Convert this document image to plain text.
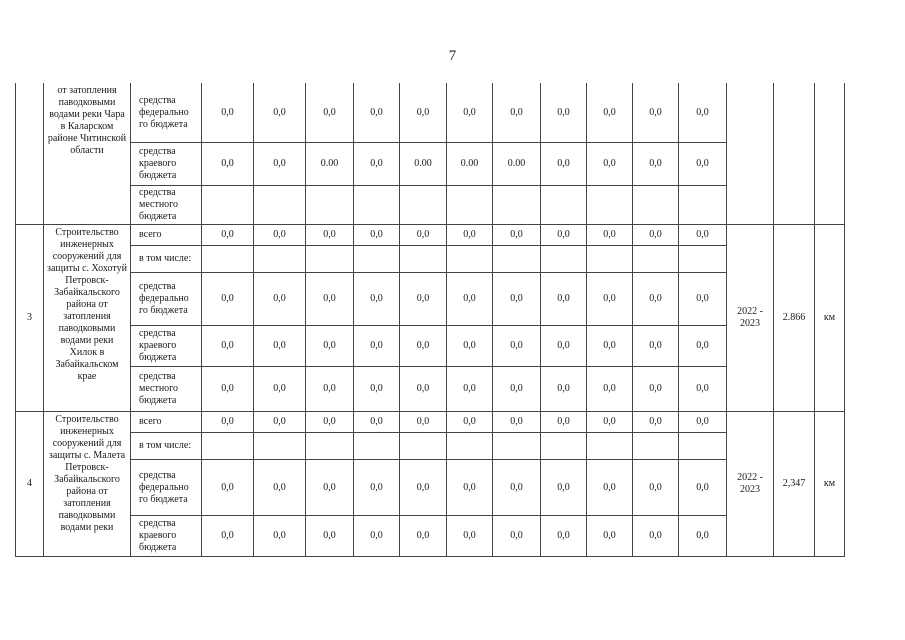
7
	от затопления паводковыми водами реки Чара в Каларском районе Читинской области	средства федерально го бюджета	0,0	0,0	0,0	0,0	0,0	0,0	0,0	0,0	0,0	0,0	0,0			
		средства краевого бюджета	0,0	0,0	0.00	0,0	0.00	0.00	0.00	0,0	0,0	0,0	0,0			
		средства местного бюджета														
3	Строительство инженерных сооружений для защиты с. Хохотуй Петровск-Забайкальского района от затопления паводковыми водами реки Хилок в Забайкальском крае	всего	0,0	0,0	0,0	0,0	0,0	0,0	0,0	0,0	0,0	0,0	0,0	2022 - 2023	2.866	км
		в том числе:														
		средства федерально го бюджета	0,0	0,0	0,0	0,0	0,0	0,0	0,0	0,0	0,0	0,0	0,0			
		средства краевого бюджета	0,0	0,0	0,0	0,0	0,0	0,0	0,0	0,0	0,0	0,0	0,0			
		средства местного бюджета	0,0	0,0	0,0	0,0	0,0	0,0	0,0	0,0	0,0	0,0	0,0			
4	Строительство инженерных сооружений для защиты с. Малета Петровск-Забайкальского района от затопления паводковыми водами реки	всего	0,0	0,0	0,0	0,0	0,0	0,0	0,0	0,0	0,0	0,0	0,0	2022 - 2023	2,347	км
		в том числе:														
		средства федерально го бюджета	0,0	0,0	0,0	0,0	0,0	0,0	0,0	0,0	0,0	0,0	0,0			
		средства краевого бюджета	0,0	0,0	0,0	0,0	0,0	0,0	0,0	0,0	0,0	0,0	0,0			
